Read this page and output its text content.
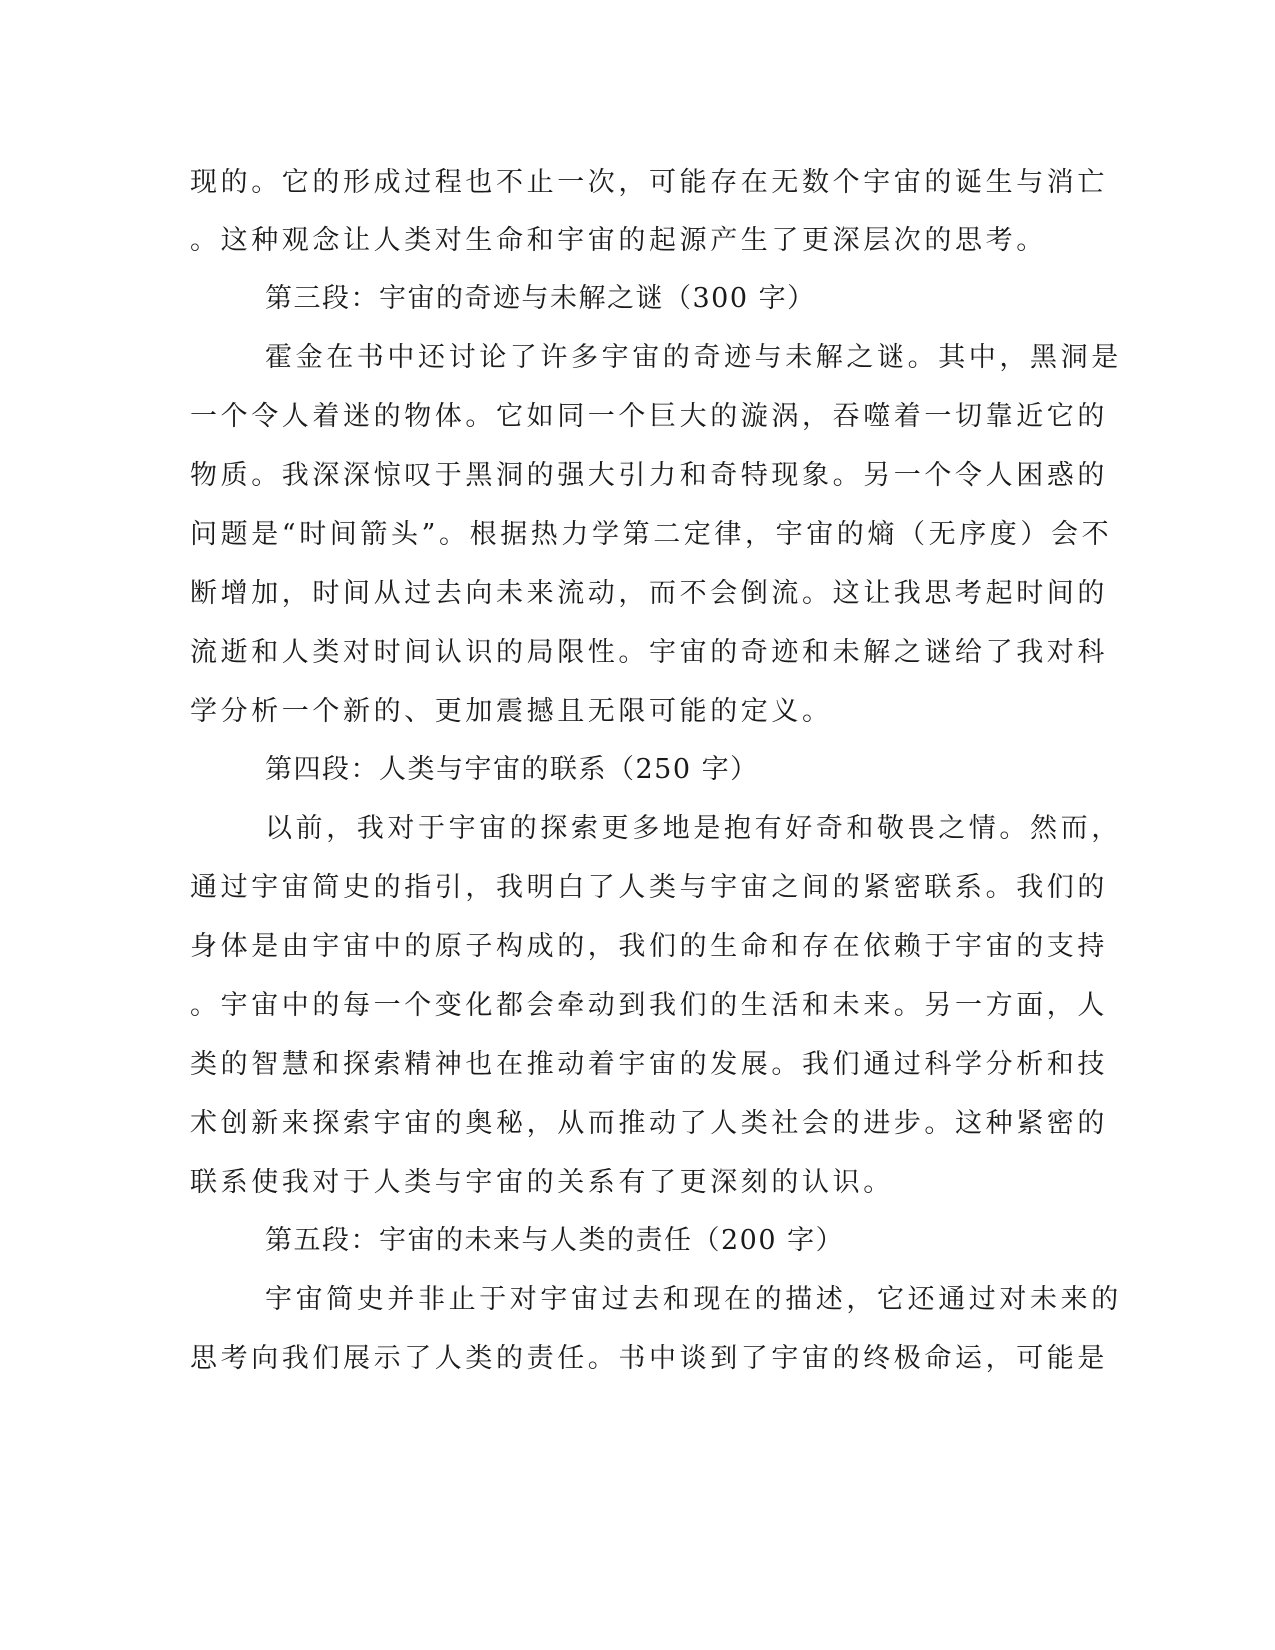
现的。它的形成过程也不止一次，可能存在无数个宇宙的诞生与消亡
。这种观念让人类对生命和宇宙的起源产生了更深层次的思考。
第三段：宇宙的奇迹与未解之谜（300 字）
霍金在书中还讨论了许多宇宙的奇迹与未解之谜。其中，黑洞是
一个令人着迷的物体。它如同一个巨大的漩涡，吞噬着一切靠近它的
物质。我深深惊叹于黑洞的强大引力和奇特现象。另一个令人困惑的
问题是“时间箭头”。根据热力学第二定律，宇宙的熵（无序度）会不
断增加，时间从过去向未来流动，而不会倒流。这让我思考起时间的
流逝和人类对时间认识的局限性。宇宙的奇迹和未解之谜给了我对科
学分析一个新的、更加震撼且无限可能的定义。
第四段：人类与宇宙的联系（250 字）
以前，我对于宇宙的探索更多地是抱有好奇和敬畏之情。然而，
通过宇宙简史的指引，我明白了人类与宇宙之间的紧密联系。我们的
身体是由宇宙中的原子构成的，我们的生命和存在依赖于宇宙的支持
。宇宙中的每一个变化都会牵动到我们的生活和未来。另一方面，人
类的智慧和探索精神也在推动着宇宙的发展。我们通过科学分析和技
术创新来探索宇宙的奥秘，从而推动了人类社会的进步。这种紧密的
联系使我对于人类与宇宙的关系有了更深刻的认识。
第五段：宇宙的未来与人类的责任（200 字）
宇宙简史并非止于对宇宙过去和现在的描述，它还通过对未来的
思考向我们展示了人类的责任。书中谈到了宇宙的终极命运，可能是
